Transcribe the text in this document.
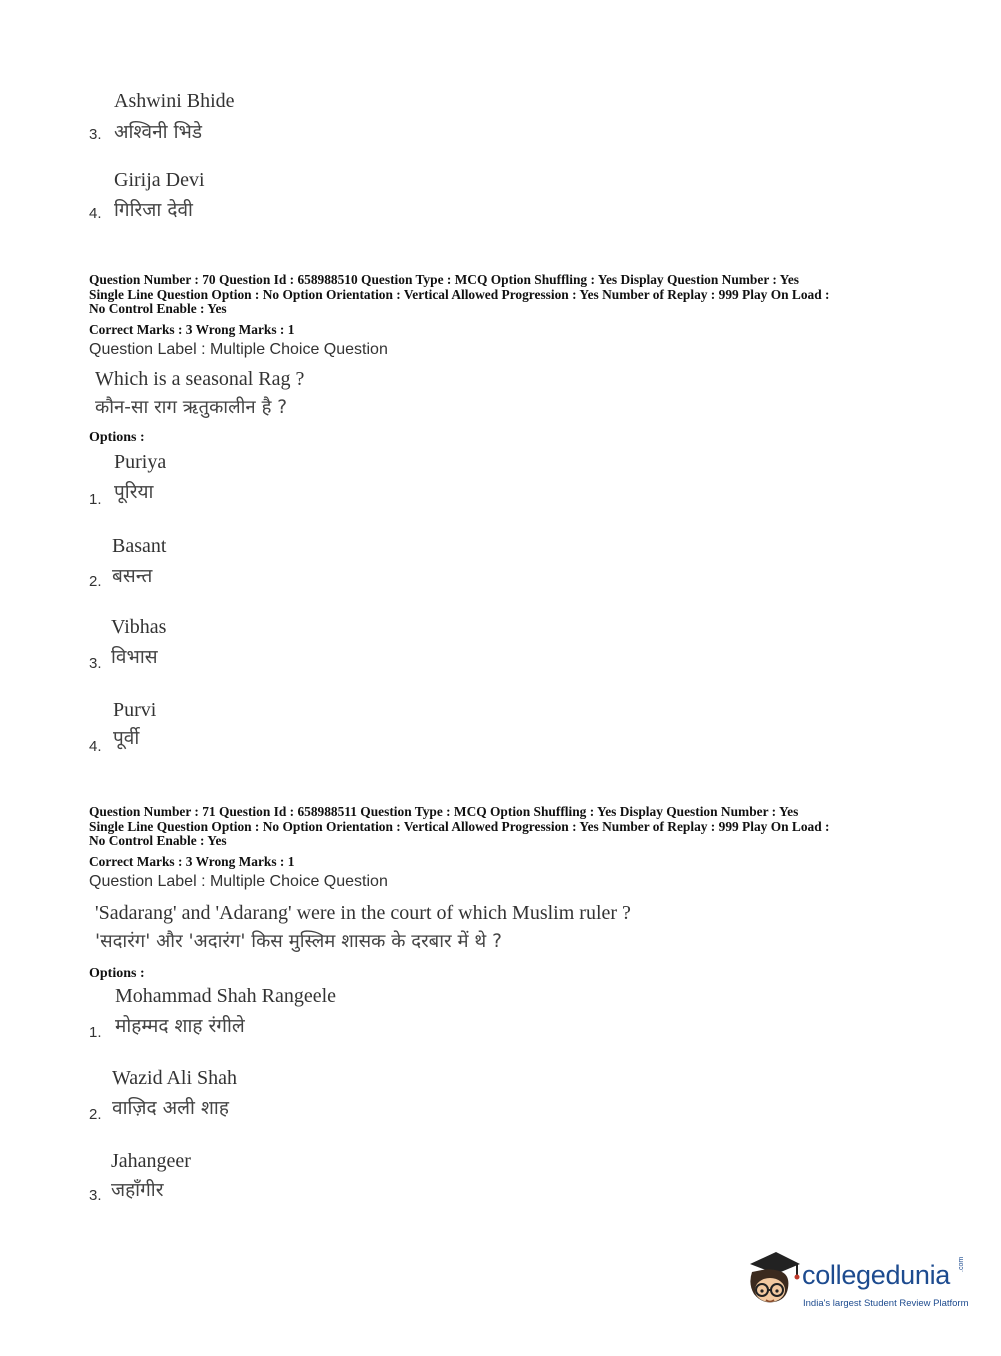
Ashwini Bhide
3. अश्विनी भिडे
Girija Devi
4. गिरिजा देवी
Question Number : 70 Question Id : 658988510 Question Type : MCQ Option Shuffling : Yes Display Question Number : Yes
Single Line Question Option : No Option Orientation : Vertical Allowed Progression : Yes Number of Replay : 999 Play On Load :
No Control Enable : Yes
Correct Marks : 3 Wrong Marks : 1
Question Label : Multiple Choice Question
Which is a seasonal Rag ?
कौन-सा राग ऋतुकालीन है ?
Options :
Puriya
1. पूरिया
Basant
2. बसन्त
Vibhas
3. विभास
Purvi
4. पूर्वी
Question Number : 71 Question Id : 658988511 Question Type : MCQ Option Shuffling : Yes Display Question Number : Yes
Single Line Question Option : No Option Orientation : Vertical Allowed Progression : Yes Number of Replay : 999 Play On Load :
No Control Enable : Yes
Correct Marks : 3 Wrong Marks : 1
Question Label : Multiple Choice Question
'Sadarang' and 'Adarang' were in the court of which Muslim ruler ?
'सदारंग' और 'अदारंग' किस मुस्लिम शासक के दरबार में थे ?
Options :
Mohammad Shah Rangeele
1. मोहम्मद शाह रंगीले
Wazid Ali Shah
2. वाज़िद अली शाह
Jahangeer
3. जहाँगीर
collegedunia .com
India's largest Student Review Platform
